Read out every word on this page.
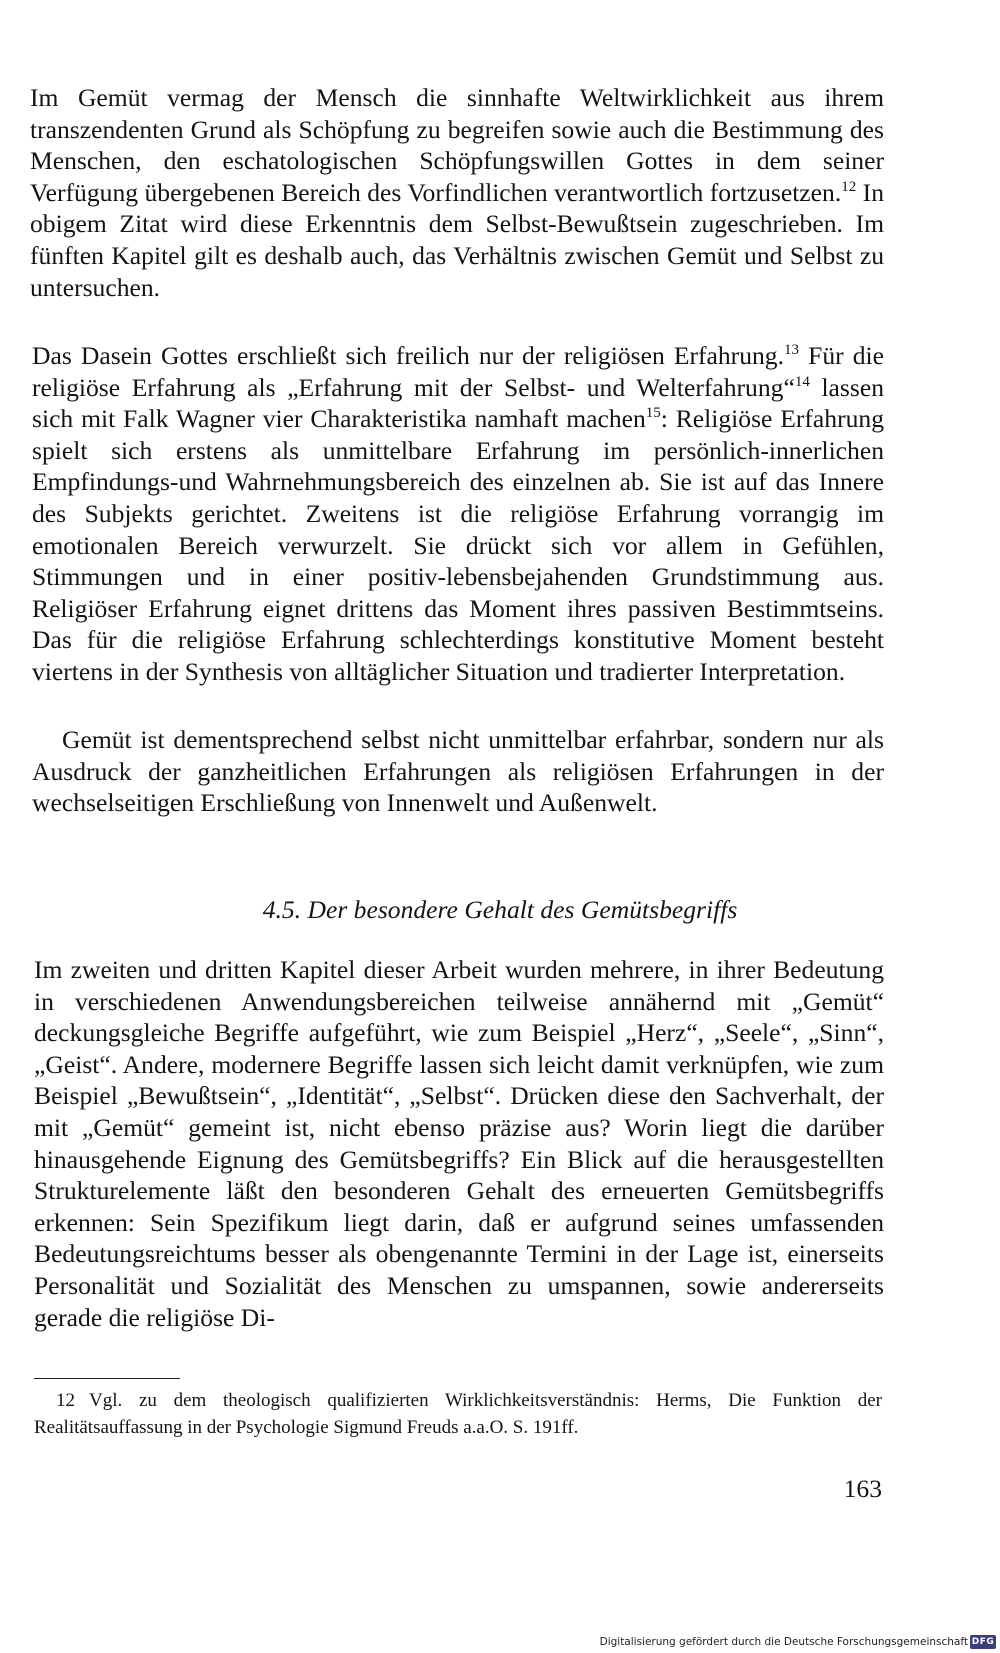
Im Gemüt vermag der Mensch die sinnhafte Weltwirklichkeit aus ihrem transzendenten Grund als Schöpfung zu begreifen sowie auch die Bestimmung des Menschen, den eschatologischen Schöpfungswillen Gottes in dem seiner Verfügung übergebenen Bereich des Vorfindlichen verantwortlich fortzusetzen.$^{12}$ In obigem Zitat wird diese Erkenntnis dem Selbst-Bewußtsein zugeschrieben. Im fünften Kapitel gilt es deshalb auch, das Verhältnis zwischen Gemüt und Selbst zu untersuchen.

Das Dasein Gottes erschließt sich freilich nur der religiösen Erfahrung.$^{13}$ Für die religiöse Erfahrung als „Erfahrung mit der Selbst- und Welterfahrung“$^{14}$ lassen sich mit Falk Wagner vier Charakteristika namhaft machen$^{15}$: Religiöse Erfahrung spielt sich erstens als unmittelbare Erfahrung im persönlich-innerlichen Empfindungs-und Wahrnehmungsbereich des einzelnen ab. Sie ist auf das Innere des Subjekts gerichtet. Zweitens ist die religiöse Erfahrung vorrangig im emotionalen Bereich verwurzelt. Sie drückt sich vor allem in Gefühlen, Stimmungen und in einer positiv-lebensbejahenden Grundstimmung aus. Religiöser Erfahrung eignet drittens das Moment ihres passiven Bestimmtseins. Das für die religiöse Erfahrung schlechterdings konstitutive Moment besteht viertens in der Synthesis von alltäglicher Situation und tradierter Interpretation.

Gemüt ist dementsprechend selbst nicht unmittelbar erfahrbar, sondern nur als Ausdruck der ganzheitlichen Erfahrungen als religiösen Erfahrungen in der wechselseitigen Erschließung von Innenwelt und Außenwelt.

4.5. Der besondere Gehalt des Gemütsbegriffs

Im zweiten und dritten Kapitel dieser Arbeit wurden mehrere, in ihrer Bedeutung in verschiedenen Anwendungsbereichen teilweise annähernd mit „Gemüt“ deckungsgleiche Begriffe aufgeführt, wie zum Beispiel „Herz“, „Seele“, „Sinn“, „Geist“. Andere, modernere Begriffe lassen sich leicht damit verknüpfen, wie zum Beispiel „Bewußtsein“, „Identität“, „Selbst“. Drücken diese den Sachverhalt, der mit „Gemüt“ gemeint ist, nicht ebenso präzise aus? Worin liegt die darüber hinausgehende Eignung des Gemütsbegriffs? Ein Blick auf die herausgestellten Strukturelemente läßt den besonderen Gehalt des erneuerten Gemütsbegriffs erkennen: Sein Spezifikum liegt darin, daß er aufgrund seines umfassenden Bedeutungsreichtums besser als obengenannte Termini in der Lage ist, einerseits Personalität und Sozialität des Menschen zu umspannen, sowie andererseits gerade die religiöse Di-

12 Vgl. zu dem theologisch qualifizierten Wirklichkeitsverständnis: Herms, Die Funktion der Realitätsauffassung in der Psychologie Sigmund Freuds a.a.O. S. 191ff.

163
Digitalisierung gefördert durch die Deutsche Forschungsgemeinschaft DFG
